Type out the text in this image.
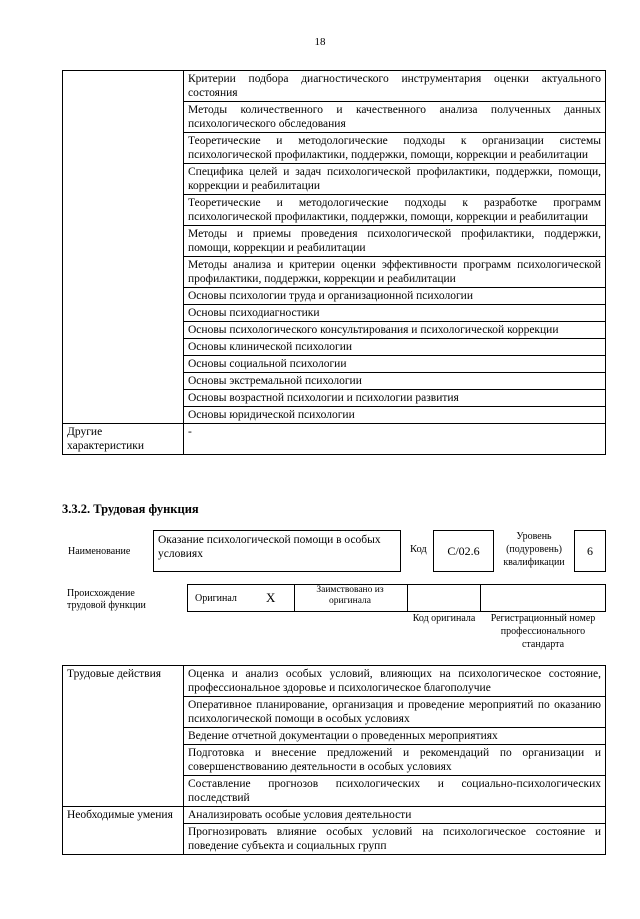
18
	Критерии подбора диагностического инструментария оценки актуального состояния
	Методы количественного и качественного анализа полученных данных психологического обследования
	Теоретические и методологические подходы к организации системы психологической профилактики, поддержки, помощи, коррекции и реабилитации
	Специфика целей и задач психологической профилактики, поддержки, помощи, коррекции и реабилитации
	Теоретические и методологические подходы к разработке программ психологической профилактики, поддержки, помощи, коррекции и реабилитации
	Методы и приемы проведения психологической профилактики, поддержки, помощи, коррекции и реабилитации
	Методы анализа и критерии оценки эффективности программ психологической профилактики, поддержки, коррекции и реабилитации
	Основы психологии труда и организационной психологии
	Основы психодиагностики
	Основы психологического консультирования и психологической коррекции
	Основы клинической психологии
	Основы социальной психологии
	Основы экстремальной психологии
	Основы возрастной психологии и психологии развития
	Основы юридической психологии
Другие характеристики	-
3.3.2. Трудовая функция
Наименование
Оказание психологической помощи в особых условиях	Код	C/02.6
Уровень (подуровень) квалификации
6
Происхождение трудовой функции
Оригинал X	Заимствовано из оригинала
Код оригинала	Регистрационный номер профессионального стандарта
Трудовые действия	Оценка и анализ особых условий, влияющих на психологическое состояние, профессиональное здоровье и психологическое благополучие
	Оперативное планирование, организация и проведение мероприятий по оказанию психологической помощи в особых условиях
	Ведение отчетной документации о проведенных мероприятиях
	Подготовка и внесение предложений и рекомендаций по организации и совершенствованию деятельности в особых условиях
	Составление прогнозов психологических и социально-психологических последствий
Необходимые умения	Анализировать особые условия деятельности
	Прогнозировать влияние особых условий на психологическое состояние и поведение субъекта и социальных групп
